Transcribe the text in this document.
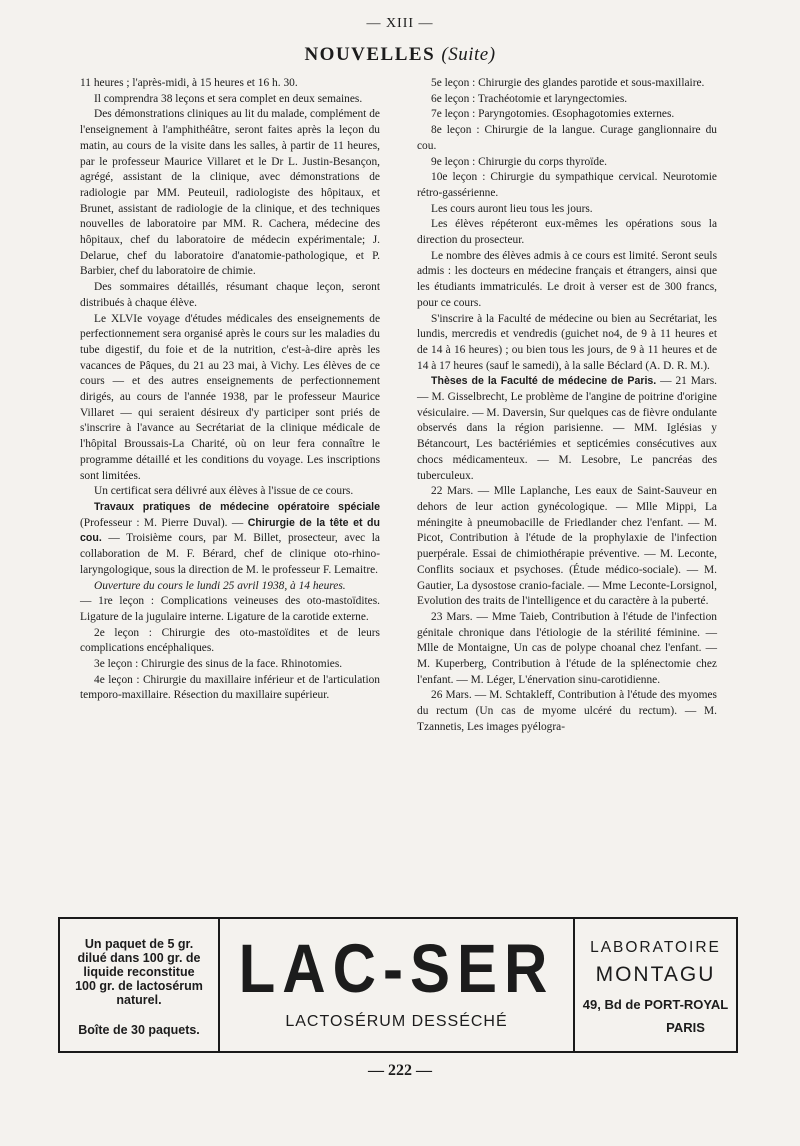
— XIII —
NOUVELLES (Suite)

11 heures ; l'après-midi, à 15 heures et 16 h. 30.

Il comprendra 38 leçons et sera complet en deux semaines.

Des démonstrations cliniques au lit du malade, complément de l'enseignement à l'amphithéâtre, seront faites après la leçon du matin, au cours de la visite dans les salles, à partir de 11 heures, par le professeur Maurice Villaret et le Dr L. Justin-Besançon, agrégé, assistant de la clinique, avec démonstrations de radiologie par MM. Peuteuil, radiologiste des hôpitaux, et Brunet, assistant de radiologie de la clinique, et des techniques nouvelles de laboratoire par MM. R. Cachera, médecine des hôpitaux, chef du laboratoire de médecin expérimentale; J. Delarue, chef du laboratoire d'anatomie-pathologique, et P. Barbier, chef du laboratoire de chimie.

Des sommaires détaillés, résumant chaque leçon, seront distribués à chaque élève.

Le XLVIe voyage d'études médicales des enseignements de perfectionnement sera organisé après le cours sur les maladies du tube digestif, du foie et de la nutrition, c'est-à-dire après les vacances de Pâques, du 21 au 23 mai, à Vichy. Les élèves de ce cours — et des autres enseignements de perfectionnement dirigés, au cours de l'année 1938, par le professeur Maurice Villaret — qui seraient désireux d'y participer sont priés de s'inscrire à l'avance au Secrétariat de la clinique médicale de l'hôpital Broussais-La Charité, où on leur fera connaître le programme détaillé et les conditions du voyage. Les inscriptions sont limitées.

Un certificat sera délivré aux élèves à l'issue de ce cours.

Travaux pratiques de médecine opératoire spéciale (Professeur : M. Pierre Duval). — Chirurgie de la tête et du cou. — Troisième cours, par M. Billet, prosecteur, avec la collaboration de M. F. Bérard, chef de clinique oto-rhino-laryngologique, sous la direction de M. le professeur F. Lemaitre.

Ouverture du cours le lundi 25 avril 1938, à 14 heures.

— 1re leçon : Complications veineuses des oto-mastoïdites. Ligature de la jugulaire interne. Ligature de la carotide externe.

2e leçon : Chirurgie des oto-mastoïdites et de leurs complications encéphaliques.

3e leçon : Chirurgie des sinus de la face. Rhinotomies.

4e leçon : Chirurgie du maxillaire inférieur et de l'articulation temporo-maxillaire. Résection du maxillaire supérieur.

5e leçon : Chirurgie des glandes parotide et sous-maxillaire.

6e leçon : Trachéotomie et laryngectomies.

7e leçon : Paryngotomies. Œsophagotomies externes.

8e leçon : Chirurgie de la langue. Curage ganglionnaire du cou.

9e leçon : Chirurgie du corps thyroïde.

10e leçon : Chirurgie du sympathique cervical. Neurotomie rétro-gassérienne.

Les cours auront lieu tous les jours.

Les élèves répéteront eux-mêmes les opérations sous la direction du prosecteur.

Le nombre des élèves admis à ce cours est limité. Seront seuls admis : les docteurs en médecine français et étrangers, ainsi que les étudiants immatriculés. Le droit à verser est de 300 francs, pour ce cours.

S'inscrire à la Faculté de médecine ou bien au Secrétariat, les lundis, mercredis et vendredis (guichet no4, de 9 à 11 heures et de 14 à 16 heures) ; ou bien tous les jours, de 9 à 11 heures et de 14 à 17 heures (sauf le samedi), à la salle Béclard (A. D. R. M.).

Thèses de la Faculté de médecine de Paris. — 21 Mars. — M. Gisselbrecht, Le problème de l'angine de poitrine d'origine vésiculaire. — M. Daversin, Sur quelques cas de fièvre ondulante observés dans la région parisienne. — MM. Iglésias y Bétancourt, Les bactériémies et septicémies consécutives aux chocs médicamenteux. — M. Lesobre, Le pancréas des tuberculeux.

22 Mars. — Mlle Laplanche, Les eaux de Saint-Sauveur en dehors de leur action gynécologique. — Mlle Mippi, La méningite à pneumobacille de Friedlander chez l'enfant. — M. Picot, Contribution à l'étude de la prophylaxie de l'infection puerpérale. Essai de chimiothérapie préventive. — M. Leconte, Conflits sociaux et psychoses. (Étude médico-sociale). — M. Gautier, La dysostose cranio-faciale. — Mme Leconte-Lorsignol, Evolution des traits de l'intelligence et du caractère à la puberté.

23 Mars. — Mme Taieb, Contribution à l'étude de l'infection génitale chronique dans l'étiologie de la stérilité féminine. — Mlle de Montaigne, Un cas de polype choanal chez l'enfant. — M. Kuperberg, Contribution à l'étude de la splénectomie chez l'enfant. — M. Léger, L'énervation sinu-carotidienne.

26 Mars. — M. Schtakleff, Contribution à l'étude des myomes du rectum (Un cas de myome ulcéré du rectum). — M. Tzannetis, Les images pyélogra-

Un paquet de 5 gr.
dilué dans 100 gr. de
liquide reconstitue
100 gr. de lactosérum
naturel.
Boîte de 30 paquets.
LAC-SER
LACTOSÉRUM DESSÉCHÉ
LABORATOIRE
MONTAGU
49, Bd de PORT-ROYAL
PARIS
— 222 —
